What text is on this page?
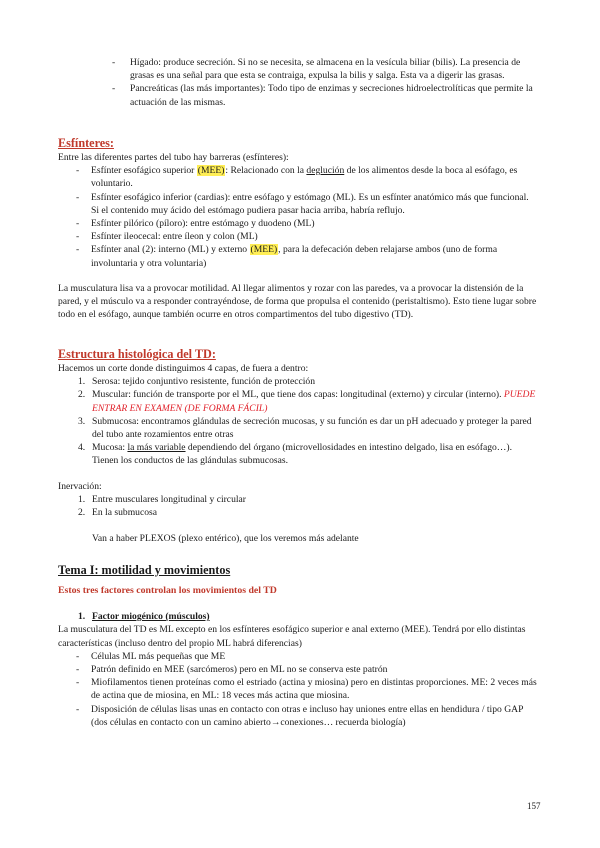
- Hígado: produce secreción. Si no se necesita, se almacena en la vesícula biliar (bilis). La presencia de grasas es una señal para que esta se contraiga, expulsa la bilis y salga. Esta va a digerir las grasas.
- Pancreáticas (las más importantes): Todo tipo de enzimas y secreciones hidroelectrolíticas que permite la actuación de las mismas.
Esfínteres:
Entre las diferentes partes del tubo hay barreras (esfínteres):
- Esfínter esofágico superior (MEE): Relacionado con la deglución de los alimentos desde la boca al esófago, es voluntario.
- Esfínter esofágico inferior (cardias): entre esófago y estómago (ML). Es un esfínter anatómico más que funcional. Si el contenido muy ácido del estómago pudiera pasar hacia arriba, habría reflujo.
- Esfínter pilórico (píloro): entre estómago y duodeno (ML)
- Esfínter ileocecal: entre íleon y colon (ML)
- Esfínter anal (2): interno (ML) y externo (MEE), para la defecación deben relajarse ambos (uno de forma involuntaria y otra voluntaria)
La musculatura lisa va a provocar motilidad. Al llegar alimentos y rozar con las paredes, va a provocar la distensión de la pared, y el músculo va a responder contrayéndose, de forma que propulsa el contenido (peristaltismo). Esto tiene lugar sobre todo en el esófago, aunque también ocurre en otros compartimentos del tubo digestivo (TD).
Estructura histológica del TD:
Hacemos un corte donde distinguimos 4 capas, de fuera a dentro:
1. Serosa: tejido conjuntivo resistente, función de protección
2. Muscular: función de transporte por el ML, que tiene dos capas: longitudinal (externo) y circular (interno). PUEDE ENTRAR EN EXAMEN (DE FORMA FÁCIL)
3. Submucosa: encontramos glándulas de secreción mucosas, y su función es dar un pH adecuado y proteger la pared del tubo ante rozamientos entre otras
4. Mucosa: la más variable dependiendo del órgano (microvellosidades en intestino delgado, lisa en esófago…). Tienen los conductos de las glándulas submucosas.
Inervación:
1. Entre musculares longitudinal y circular
2. En la submucosa
Van a haber PLEXOS (plexo entérico), que los veremos más adelante
Tema I: motilidad y movimientos
Estos tres factores controlan los movimientos del TD
1. Factor miogénico (músculos)
La musculatura del TD es ML excepto en los esfínteres esofágico superior e anal externo (MEE). Tendrá por ello distintas características (incluso dentro del propio ML habrá diferencias)
- Células ML más pequeñas que ME
- Patrón definido en MEE (sarcómeros) pero en ML no se conserva este patrón
- Miofilamentos tienen proteínas como el estriado (actina y miosina) pero en distintas proporciones. ME: 2 veces más de actina que de miosina, en ML: 18 veces más actina que miosina.
- Disposición de células lisas unas en contacto con otras e incluso hay uniones entre ellas en hendidura / tipo GAP (dos células en contacto con un camino abierto→conexiones… recuerda biología)
157
